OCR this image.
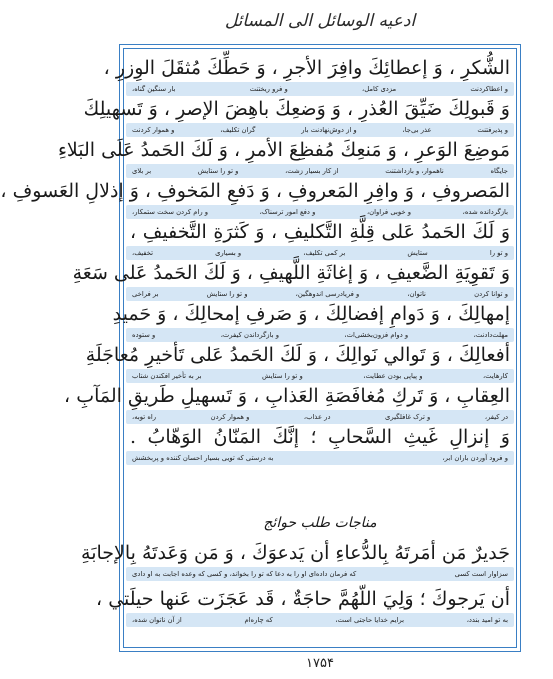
ادعیه الوسائل الی المسائل
الشُّكرِ ، وَ إعطائِكَ وافِرَ الأجرِ ، وَ حَطِّكَ مُثقَلَ الوِزرِ ،
و اعطاکردنت
مزدی کامل،
و فرو ریختنت
بار سنگین گناه،
وَ قَبولِكَ ضَيِّقَ العُذرِ ، وَ وَضعِكَ باهِضَ الإصرِ ، وَ تَسهيلِكَ
و پذیرفتنت
عذر بی‌جا،
و از دوش‌نهادنت بار
گران تکلیف،
و هموار کردنت
مَوضِعَ الوَعرِ ، وَ مَنعِكَ مُفظِعَ الأمرِ ، وَ لَكَ الحَمدُ عَلَى البَلاءِ
جایگاه
ناهموار، و بازداشتنت
از کار بسیار زشت،
و تو را ستایش
بر بلای
المَصروفِ ، وَ وافِرِ المَعروفِ ، وَ دَفعِ المَخوفِ ، وَ إذلالِ العَسوفِ ،
بازگردانده شده،
و خوبی فراوان،
و دفع امور ترسناک،
و رام کردن سخت ستمکار،
وَ لَكَ الحَمدُ عَلى قِلَّةِ التَّكليفِ ، وَ كَثرَةِ التَّخفيفِ ،
و تو را
ستایش
بر کمی تکلیف،
و بسیاری
تخفیف،
وَ تَقوِيَةِ الضَّعيفِ ، وَ إغاثَةِ اللَّهيفِ ، وَ لَكَ الحَمدُ عَلى سَعَةِ
و توانا کردن
ناتوان،
و فریادرسی اندوهگین،
و تو را ستایش
بر فراخی
إمهالِكَ ، وَ دَوامِ إفضالِكَ ، وَ صَرفِ إمحالِكَ ، وَ حَميدِ
مهلت‌دادنت،
و دوام فزون‌بخشی‌ات،
و بازگرداندن کیفرت،
و ستوده
أفعالِكَ ، وَ تَوالي نَوالِكَ ، وَ لَكَ الحَمدُ عَلى تَأخيرِ مُعاجَلَةِ
کارهایت،
و پیاپی بودن عطایت،
و تو را ستایش
بر به تأخیر افکندن شتاب
العِقابِ ، وَ تَركِ مُغافَصَةِ العَذابِ ، وَ تَسهيلِ طَريقِ المَآبِ ،
در کیفر،
و ترک غافلگیری
در عذاب،
و هموار کردن
راه توبه،
وَ إنزالِ غَيثِ السَّحابِ ؛ إنَّكَ المَنّانُ الوَهّابُ .
و فرود آوردن باران ابر،
به درستی که تویی بسیار احسان کننده و پربخشش
مناجات طلب حوائج
جَديرٌ مَن أمَرتَهُ بِالدُّعاءِ أن يَدعوَكَ ، وَ مَن وَعَدتَهُ بِالإجابَةِ
سزاوار است کسی
که فرمان داده‌ای او را به دعا که تو را بخواند، و کسی که وعده اجابت به او دادی
أن يَرجوكَ ؛ وَلِيَ اللّهُمَّ حاجَةٌ ، قَد عَجَزَت عَنها حيلَتي ،
به تو امید بندد،
برایم خدایا حاجتی است،
که چاره‌ام
از آن ناتوان شده،
۱۷۵۴
